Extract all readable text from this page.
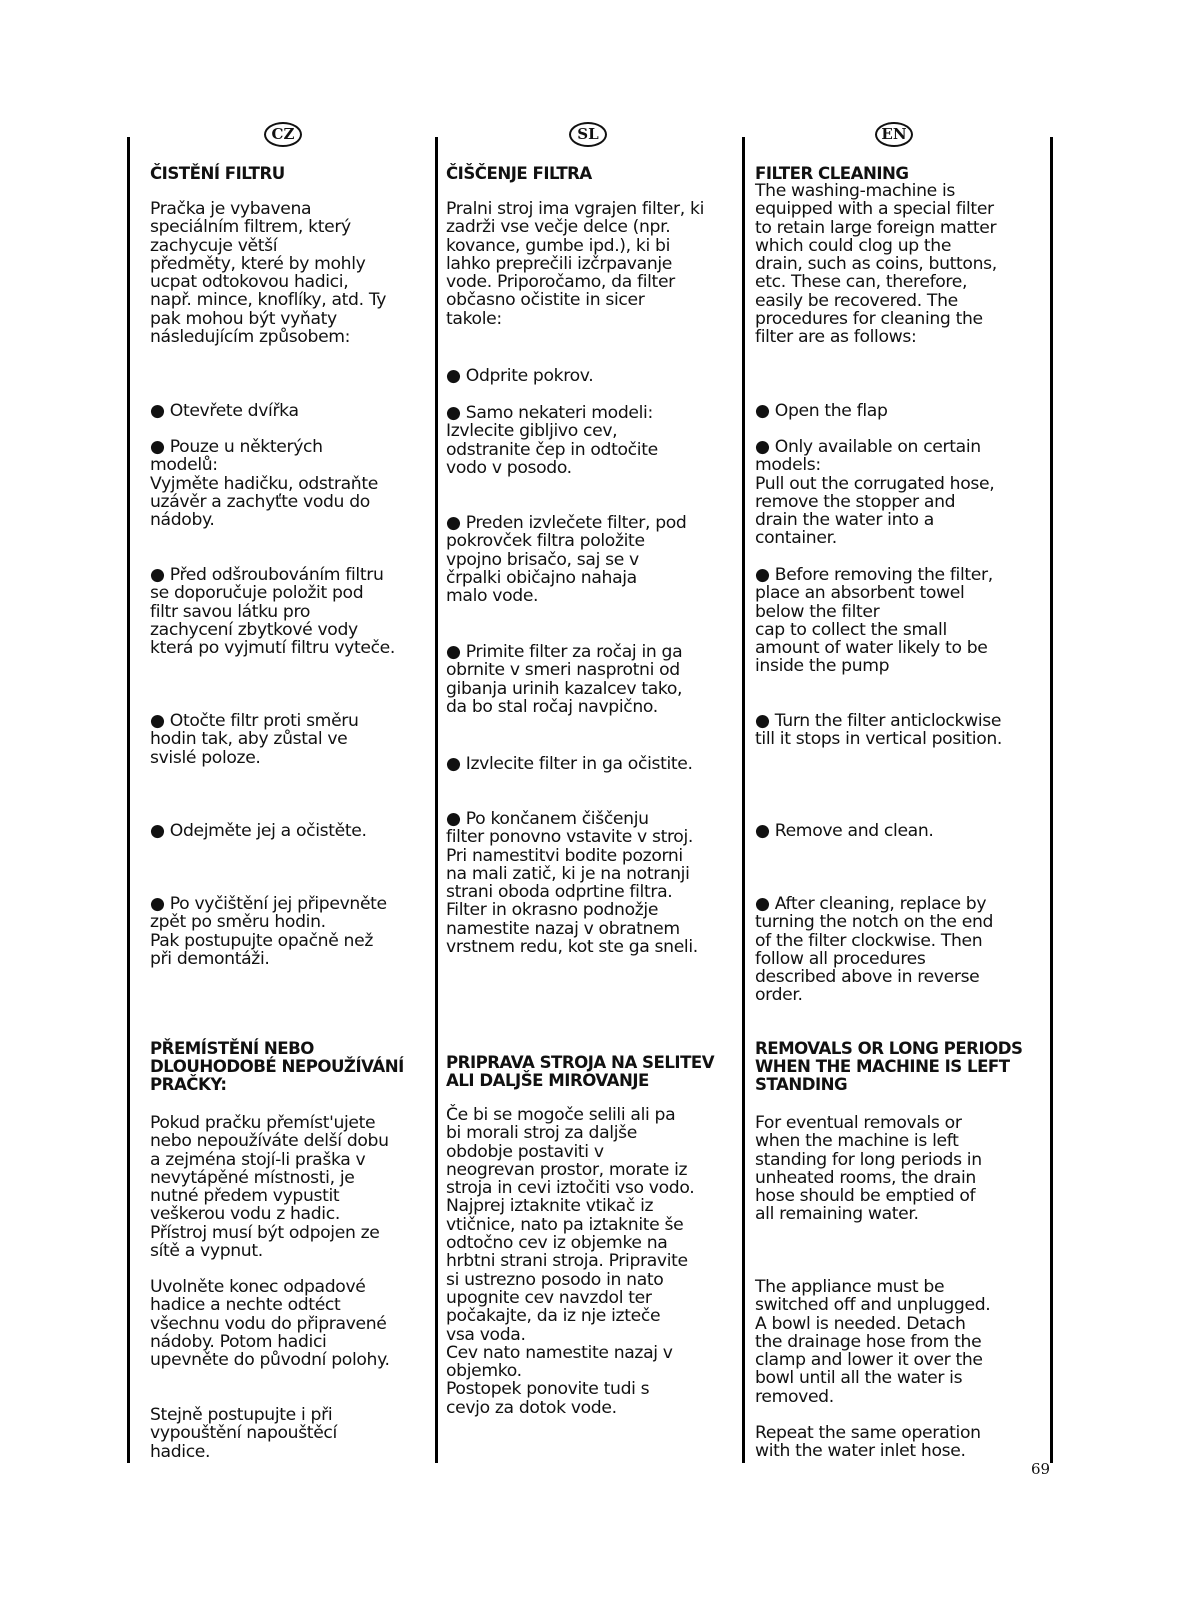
CZ	SL	EN
ČISTĚNÍ FILTRU

Pračka je vybavena
speciálním filtrem, který
zachycuje větší
předměty, které by mohly
ucpat odtokovou hadici,
např. mince, knoflíky, atd. Ty
pak mohou být vyňaty
následujícím způsobem:

● Otevřete dvířka

● Pouze u některých
modelů:
Vyjměte hadičku, odstraňte
uzávěr a zachyťte vodu do
nádoby.

● Před odšroubováním filtru
se doporučuje položit pod
filtr savou látku pro
zachycení zbytkové vody
která po vyjmutí filtru vyteče.

● Otočte filtr proti směru
hodin tak, aby zůstal ve
svislé poloze.

● Odejměte jej a očistěte.

● Po vyčištění jej připevněte
zpět po směru hodin.
Pak postupujte opačně než
při demontáži.

PŘEMÍSTĚNÍ NEBO
DLOUHODOBÉ NEPOUŽÍVÁNÍ
PRAČKY:

Pokud pračku přemíst'ujete
nebo nepoužíváte delší dobu
a zejména stojí-li praška v
nevytápěné místnosti, je
nutné předem vypustit
veškerou vodu z hadic.
Přístroj musí být odpojen ze
sítě a vypnut.

Uvolněte konec odpadové
hadice a nechte odtéct
všechnu vodu do připravené
nádoby. Potom hadici
upevněte do původní polohy.

Stejně postupujte i při
vypouštění napouštěcí
hadice.

ČIŠČENJE FILTRA

Pralni stroj ima vgrajen filter, ki
zadrži vse večje delce (npr.
kovance, gumbe ipd.), ki bi
lahko preprečili izčrpavanje
vode. Priporočamo, da filter
občasno očistite in sicer
takole:

● Odprite pokrov.

● Samo nekateri modeli:
Izvlecite gibljivo cev,
odstranite čep in odtočite
vodo v posodo.

● Preden izvlečete filter, pod
pokrovček filtra položite
vpojno brisačo, saj se v
črpalki običajno nahaja
malo vode.

● Primite filter za ročaj in ga
obrnite v smeri nasprotni od
gibanja urinih kazalcev tako,
da bo stal ročaj navpično.

● Izvlecite filter in ga očistite.

● Po končanem čiščenju
filter ponovno vstavite v stroj.
Pri namestitvi bodite pozorni
na mali zatič, ki je na notranji
strani oboda odprtine filtra.
Filter in okrasno podnožje
namestite nazaj v obratnem
vrstnem redu, kot ste ga sneli.

PRIPRAVA STROJA NA SELITEV
ALI DALJŠE MIROVANJE

Če bi se mogoče selili ali pa
bi morali stroj za daljše
obdobje postaviti v
neogrevan prostor, morate iz
stroja in cevi iztočiti vso vodo.
Najprej iztaknite vtikač iz
vtičnice, nato pa iztaknite še
odtočno cev iz objemke na
hrbtni strani stroja. Pripravite
si ustrezno posodo in nato
upognite cev navzdol ter
počakajte, da iz nje izteče
vsa voda.
Cev nato namestite nazaj v
objemko.
Postopek ponovite tudi s
cevjo za dotok vode.

FILTER CLEANING

The washing-machine is
equipped with a special filter
to retain large foreign matter
which could clog up the
drain, such as coins, buttons,
etc. These can, therefore,
easily be recovered. The
procedures for cleaning the
filter are as follows:

● Open the flap

● Only available on certain
models:
Pull out the corrugated hose,
remove the stopper and
drain the water into a
container.

● Before removing the filter,
place an absorbent towel
below the filter
cap to collect the small
amount of water likely to be
inside the pump

● Turn the filter anticlockwise
till it stops in vertical position.

● Remove and clean.

● After cleaning, replace by
turning the notch on the end
of the filter clockwise. Then
follow all procedures
described above in reverse
order.

REMOVALS OR LONG PERIODS
WHEN THE MACHINE IS LEFT
STANDING

For eventual removals or
when the machine is left
standing for long periods in
unheated rooms, the drain
hose should be emptied of
all remaining water.

The appliance must be
switched off and unplugged.
A bowl is needed. Detach
the drainage hose from the
clamp and lower it over the
bowl until all the water is
removed.

Repeat the same operation
with the water inlet hose.

69
